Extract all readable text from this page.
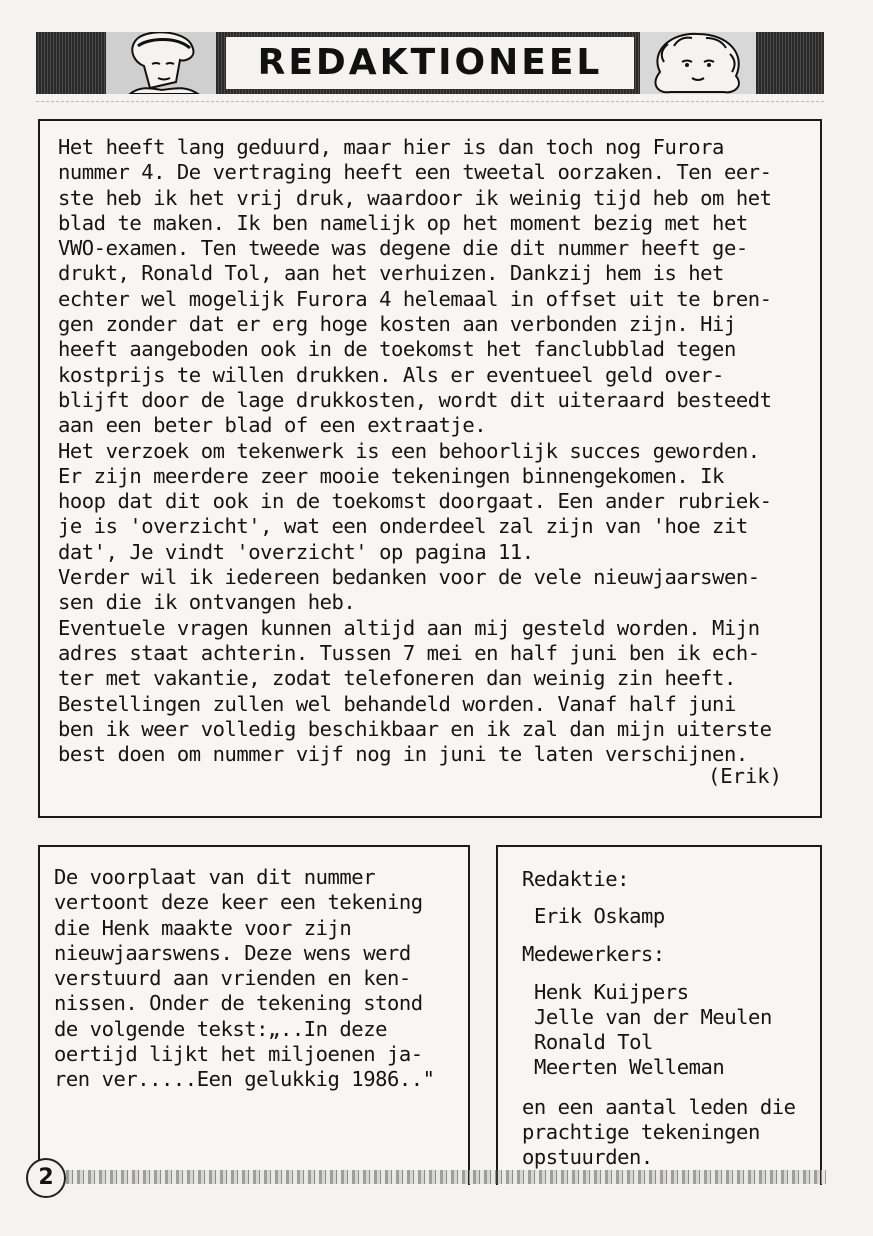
REDAKTIONEEL
Het heeft lang geduurd, maar hier is dan toch nog Furora
nummer 4. De vertraging heeft een tweetal oorzaken. Ten eer-
ste heb ik het vrij druk, waardoor ik weinig tijd heb om het
blad te maken. Ik ben namelijk op het moment bezig met het
VWO-examen. Ten tweede was degene die dit nummer heeft ge-
drukt, Ronald Tol, aan het verhuizen. Dankzij hem is het
echter wel mogelijk Furora 4 helemaal in offset uit te bren-
gen zonder dat er erg hoge kosten aan verbonden zijn. Hij
heeft aangeboden ook in de toekomst het fanclubblad tegen
kostprijs te willen drukken. Als er eventueel geld over-
blijft door de lage drukkosten, wordt dit uiteraard besteedt
aan een beter blad of een extraatje.
Het verzoek om tekenwerk is een behoorlijk succes geworden.
Er zijn meerdere zeer mooie tekeningen binnengekomen. Ik
hoop dat dit ook in de toekomst doorgaat. Een ander rubriek-
je is 'overzicht', wat een onderdeel zal zijn van 'hoe zit
dat', Je vindt 'overzicht' op pagina 11.
Verder wil ik iedereen bedanken voor de vele nieuwjaarswen-
sen die ik ontvangen heb.
Eventuele vragen kunnen altijd aan mij gesteld worden. Mijn
adres staat achterin. Tussen 7 mei en half juni ben ik ech-
ter met vakantie, zodat telefoneren dan weinig zin heeft.
Bestellingen zullen wel behandeld worden. Vanaf half juni
ben ik weer volledig beschikbaar en ik zal dan mijn uiterste
best doen om nummer vijf nog in juni te laten verschijnen.
(Erik)
De voorplaat van dit nummer
vertoont deze keer een tekening
die Henk maakte voor zijn
nieuwjaarswens. Deze wens werd
verstuurd aan vrienden en ken-
nissen. Onder de tekening stond
de volgende tekst:„..In deze
oertijd lijkt het miljoenen ja-
ren ver.....Een gelukkig 1986.."
Redaktie:
Erik Oskamp
Medewerkers:
Henk Kuijpers
Jelle van der Meulen
Ronald Tol
Meerten Welleman
en een aantal leden die
prachtige tekeningen
opstuurden.
2
